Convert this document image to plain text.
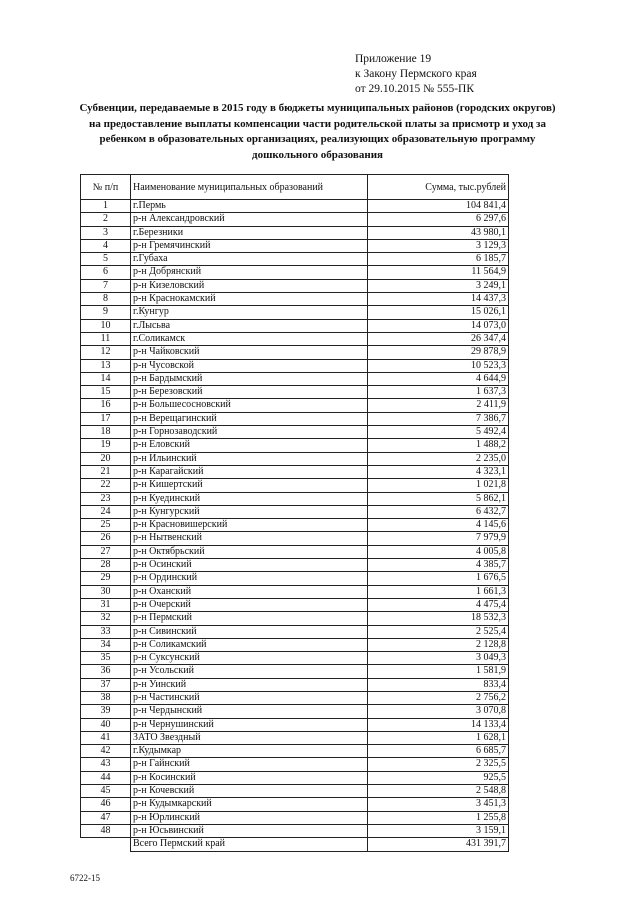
Приложение 19
к Закону Пермского края
от 29.10.2015 № 555-ПК
Субвенции, передаваемые в 2015 году в бюджеты муниципальных районов (городских округов) на предоставление выплаты компенсации части родительской платы за присмотр и уход за ребенком в образовательных организациях, реализующих образовательную программу дошкольного образования
№ п/п	Наименование муниципальных образований	Сумма, тыс.рублей
1	г.Пермь	104 841,4
2	р-н Александровский	6 297,6
3	г.Березники	43 980,1
4	р-н Гремячинский	3 129,3
5	г.Губаха	6 185,7
6	р-н Добрянский	11 564,9
7	р-н Кизеловский	3 249,1
8	р-н Краснокамский	14 437,3
9	г.Кунгур	15 026,1
10	г.Лысьва	14 073,0
11	г.Соликамск	26 347,4
12	р-н Чайковский	29 878,9
13	р-н Чусовской	10 523,3
14	р-н Бардымский	4 644,9
15	р-н Березовский	1 637,3
16	р-н Большесосновский	2 411,9
17	р-н Верещагинский	7 386,7
18	р-н Горнозаводский	5 492,4
19	р-н Еловский	1 488,2
20	р-н Ильинский	2 235,0
21	р-н Карагайский	4 323,1
22	р-н Кишертский	1 021,8
23	р-н Куединский	5 862,1
24	р-н Кунгурский	6 432,7
25	р-н Красновишерский	4 145,6
26	р-н Нытвенский	7 979,9
27	р-н Октябрьский	4 005,8
28	р-н Осинский	4 385,7
29	р-н Ординский	1 676,5
30	р-н Оханский	1 661,3
31	р-н Очерский	4 475,4
32	р-н Пермский	18 532,3
33	р-н Сивинский	2 525,4
34	р-н Соликамский	2 128,8
35	р-н Суксунский	3 049,3
36	р-н Усольский	1 581,9
37	р-н Уинский	833,4
38	р-н Частинский	2 756,2
39	р-н Чердынский	3 070,8
40	р-н Чернушинский	14 133,4
41	ЗАТО Звездный	1 628,1
42	г.Кудымкар	6 685,7
43	р-н Гайнский	2 325,5
44	р-н Косинский	925,5
45	р-н Кочевский	2 548,8
46	р-н Кудымкарский	3 451,3
47	р-н Юрлинский	1 255,8
48	р-н Юсьвинский	3 159,1
	Всего Пермский край	431 391,7
6722-15
